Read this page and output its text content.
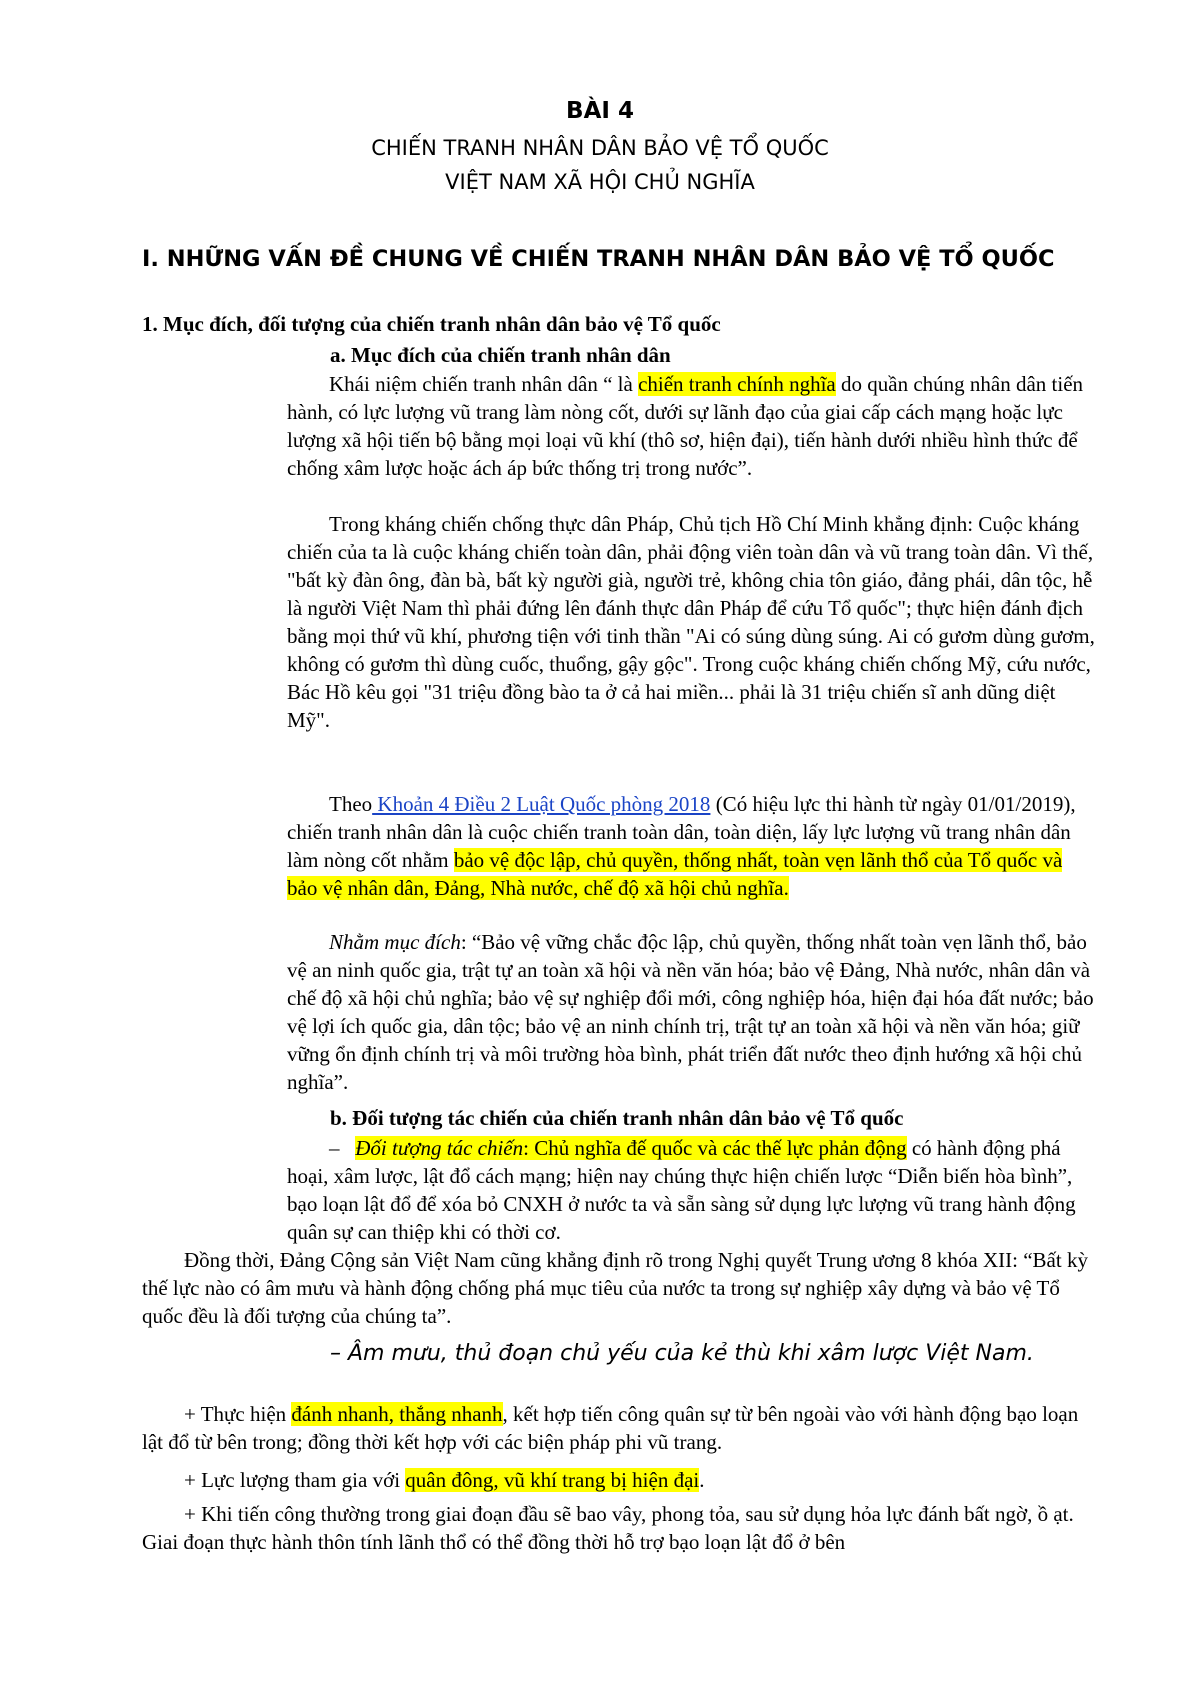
BÀI 4
CHIẾN TRANH NHÂN DÂN BẢO VỆ TỔ QUỐC
VIỆT NAM XÃ HỘI CHỦ NGHĨA
I. NHỮNG VẤN ĐỀ CHUNG VỀ CHIẾN TRANH NHÂN DÂN BẢO VỆ TỔ QUỐC
1. Mục đích, đối tượng của chiến tranh nhân dân bảo vệ Tổ quốc
a. Mục đích của chiến tranh nhân dân

Khái niệm chiến tranh nhân dân “ là chiến tranh chính nghĩa do quần chúng nhân dân tiến hành, có lực lượng vũ trang làm nòng cốt, dưới sự lãnh đạo của giai cấp cách mạng hoặc lực lượng xã hội tiến bộ bằng mọi loại vũ khí (thô sơ, hiện đại), tiến hành dưới nhiều hình thức để chống xâm lược hoặc ách áp bức thống trị trong nước”.

Trong kháng chiến chống thực dân Pháp, Chủ tịch Hồ Chí Minh khẳng định: Cuộc kháng chiến của ta là cuộc kháng chiến toàn dân, phải động viên toàn dân và vũ trang toàn dân. Vì thế, "bất kỳ đàn ông, đàn bà, bất kỳ người già, người trẻ, không chia tôn giáo, đảng phái, dân tộc, hễ là người Việt Nam thì phải đứng lên đánh thực dân Pháp để cứu Tổ quốc"; thực hiện đánh địch bằng mọi thứ vũ khí, phương tiện với tinh thần "Ai có súng dùng súng. Ai có gươm dùng gươm, không có gươm thì dùng cuốc, thuổng, gậy gộc". Trong cuộc kháng chiến chống Mỹ, cứu nước, Bác Hồ kêu gọi "31 triệu đồng bào ta ở cả hai miền... phải là 31 triệu chiến sĩ anh dũng diệt Mỹ".

Theo Khoản 4 Điều 2 Luật Quốc phòng 2018 (Có hiệu lực thi hành từ ngày 01/01/2019), chiến tranh nhân dân là cuộc chiến tranh toàn dân, toàn diện, lấy lực lượng vũ trang nhân dân làm nòng cốt nhằm bảo vệ độc lập, chủ quyền, thống nhất, toàn vẹn lãnh thổ của Tổ quốc và bảo vệ nhân dân, Đảng, Nhà nước, chế độ xã hội chủ nghĩa.

Nhằm mục đích: “Bảo vệ vững chắc độc lập, chủ quyền, thống nhất toàn vẹn lãnh thổ, bảo vệ an ninh quốc gia, trật tự an toàn xã hội và nền văn hóa; bảo vệ Đảng, Nhà nước, nhân dân và chế độ xã hội chủ nghĩa; bảo vệ sự nghiệp đổi mới, công nghiệp hóa, hiện đại hóa đất nước; bảo vệ lợi ích quốc gia, dân tộc; bảo vệ an ninh chính trị, trật tự an toàn xã hội và nền văn hóa; giữ vững ổn định chính trị và môi trường hòa bình, phát triển đất nước theo định hướng xã hội chủ nghĩa”.

b. Đối tượng tác chiến của chiến tranh nhân dân bảo vệ Tổ quốc

– Đối tượng tác chiến: Chủ nghĩa đế quốc và các thế lực phản động có hành động phá hoại, xâm lược, lật đổ cách mạng; hiện nay chúng thực hiện chiến lược “Diễn biến hòa bình”, bạo loạn lật đổ để xóa bỏ CNXH ở nước ta và sẵn sàng sử dụng lực lượng vũ trang hành động quân sự can thiệp khi có thời cơ.

Đồng thời, Đảng Cộng sản Việt Nam cũng khẳng định rõ trong Nghị quyết Trung ương 8 khóa XII: “Bất kỳ thế lực nào có âm mưu và hành động chống phá mục tiêu của nước ta trong sự nghiệp xây dựng và bảo vệ Tổ quốc đều là đối tượng của chúng ta”.

– Âm mưu, thủ đoạn chủ yếu của kẻ thù khi xâm lược Việt Nam.

+ Thực hiện đánh nhanh, thắng nhanh, kết hợp tiến công quân sự từ bên ngoài vào với hành động bạo loạn lật đổ từ bên trong; đồng thời kết hợp với các biện pháp phi vũ trang.

+ Lực lượng tham gia với quân đông, vũ khí trang bị hiện đại.

+ Khi tiến công thường trong giai đoạn đầu sẽ bao vây, phong tỏa, sau sử dụng hỏa lực đánh bất ngờ, ồ ạt. Giai đoạn thực hành thôn tính lãnh thổ có thể đồng thời hỗ trợ bạo loạn lật đổ ở bên
